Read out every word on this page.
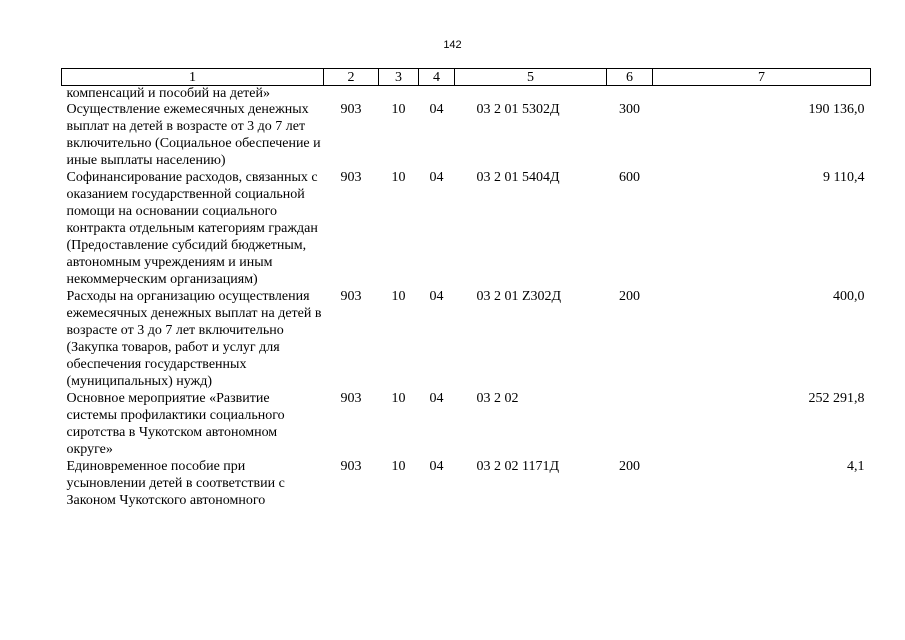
142
1	2	3	4	5	6	7
компенсаций и пособий на детей»						
Осуществление ежемесячных денежных выплат на детей в возрасте от 3 до 7 лет включительно (Социальное обеспечение и иные выплаты населению)	903	10	04	03 2 01 5302Д	300	190 136,0
Софинансирование расходов, связанных с оказанием государственной социальной помощи на основании социального контракта отдельным категориям граждан (Предоставление субсидий бюджетным, автономным учреждениям и иным некоммерческим организациям)	903	10	04	03 2 01 5404Д	600	9 110,4
Расходы на организацию осуществления ежемесячных денежных выплат на детей в возрасте от 3 до 7 лет включительно (Закупка товаров, работ и услуг для обеспечения государственных (муниципальных) нужд)	903	10	04	03 2 01 Z302Д	200	400,0
Основное мероприятие «Развитие системы профилактики социального сиротства в Чукотском автономном округе»	903	10	04	03 2 02		252 291,8
Единовременное пособие при усыновлении детей в соответствии с Законом Чукотского автономного	903	10	04	03 2 02 1171Д	200	4,1
